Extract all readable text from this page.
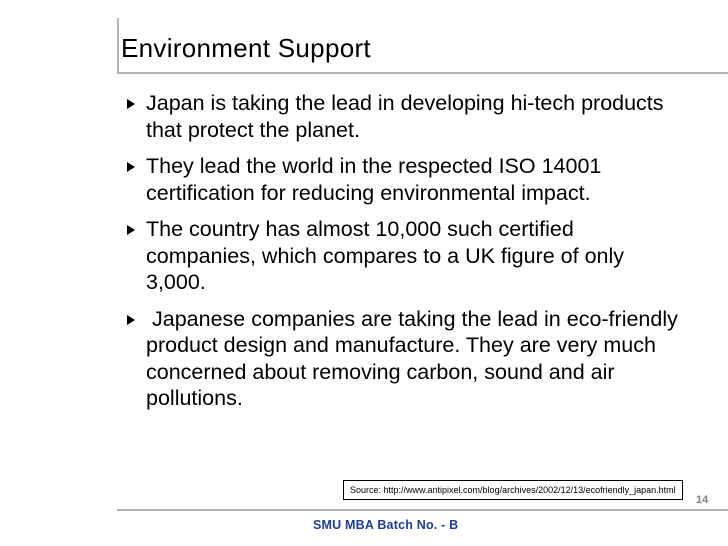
Environment Support
Japan is taking the lead in developing hi-tech products that protect the planet.
They lead the world in the respected ISO 14001 certification for reducing environmental impact.
The country has almost 10,000 such certified companies, which compares to a UK figure of only 3,000.
Japanese companies are taking the lead in eco-friendly product design and manufacture. They are very much concerned about removing carbon, sound and air pollutions.
Source: http://www.antipixel.com/blog/archives/2002/12/13/ecofriendly_japan.html
14
SMU MBA Batch No. - B
